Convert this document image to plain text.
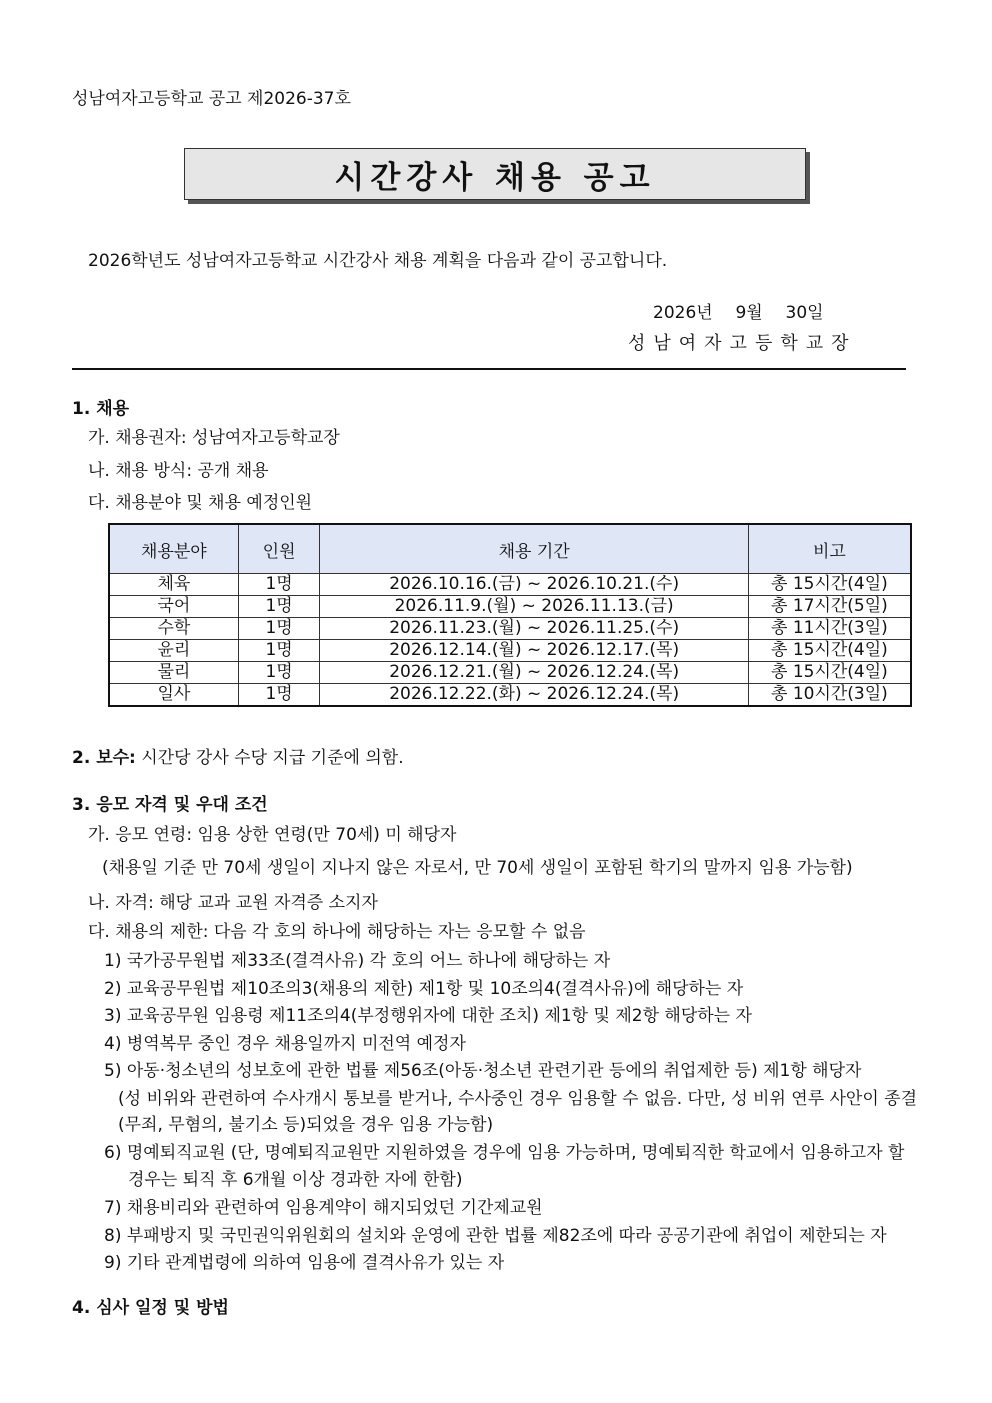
성남여자고등학교 공고 제2026-37호
시간강사 채용 공고
2026학년도 성남여자고등학교 시간강사 채용 계획을 다음과 같이 공고합니다.
2026년  9월  30일
성남여자고등학교장
1. 채용
가. 채용권자: 성남여자고등학교장
나. 채용 방식: 공개 채용
다. 채용분야 및 채용 예정인원
채용분야	인원	채용 기간	비고
체육	1명	2026.10.16.(금) ~ 2026.10.21.(수)	총 15시간(4일)
국어	1명	2026.11.9.(월) ~ 2026.11.13.(금)	총 17시간(5일)
수학	1명	2026.11.23.(월) ~ 2026.11.25.(수)	총 11시간(3일)
윤리	1명	2026.12.14.(월) ~ 2026.12.17.(목)	총 15시간(4일)
물리	1명	2026.12.21.(월) ~ 2026.12.24.(목)	총 15시간(4일)
일사	1명	2026.12.22.(화) ~ 2026.12.24.(목)	총 10시간(3일)
2. 보수: 시간당 강사 수당 지급 기준에 의함.
3. 응모 자격 및 우대 조건
가. 응모 연령: 임용 상한 연령(만 70세) 미 해당자
(채용일 기준 만 70세 생일이 지나지 않은 자로서, 만 70세 생일이 포함된 학기의 말까지 임용 가능함)
나. 자격: 해당 교과 교원 자격증 소지자
다. 채용의 제한: 다음 각 호의 하나에 해당하는 자는 응모할 수 없음
1) 국가공무원법 제33조(결격사유) 각 호의 어느 하나에 해당하는 자
2) 교육공무원법 제10조의3(채용의 제한) 제1항 및 10조의4(결격사유)에 해당하는 자
3) 교육공무원 임용령 제11조의4(부정행위자에 대한 조치) 제1항 및 제2항 해당하는 자
4) 병역복무 중인 경우 채용일까지 미전역 예정자
5) 아동·청소년의 성보호에 관한 법률 제56조(아동·청소년 관련기관 등에의 취업제한 등) 제1항 해당자
(성 비위와 관련하여 수사개시 통보를 받거나, 수사중인 경우 임용할 수 없음. 다만, 성 비위 연루 사안이 종결
(무죄, 무혐의, 불기소 등)되었을 경우 임용 가능함)
6) 명예퇴직교원 (단, 명예퇴직교원만 지원하였을 경우에 임용 가능하며, 명예퇴직한 학교에서 임용하고자 할
경우는 퇴직 후 6개월 이상 경과한 자에 한함)
7) 채용비리와 관련하여 임용계약이 해지되었던 기간제교원
8) 부패방지 및 국민권익위원회의 설치와 운영에 관한 법률 제82조에 따라 공공기관에 취업이 제한되는 자
9) 기타 관계법령에 의하여 임용에 결격사유가 있는 자
4. 심사 일정 및 방법
